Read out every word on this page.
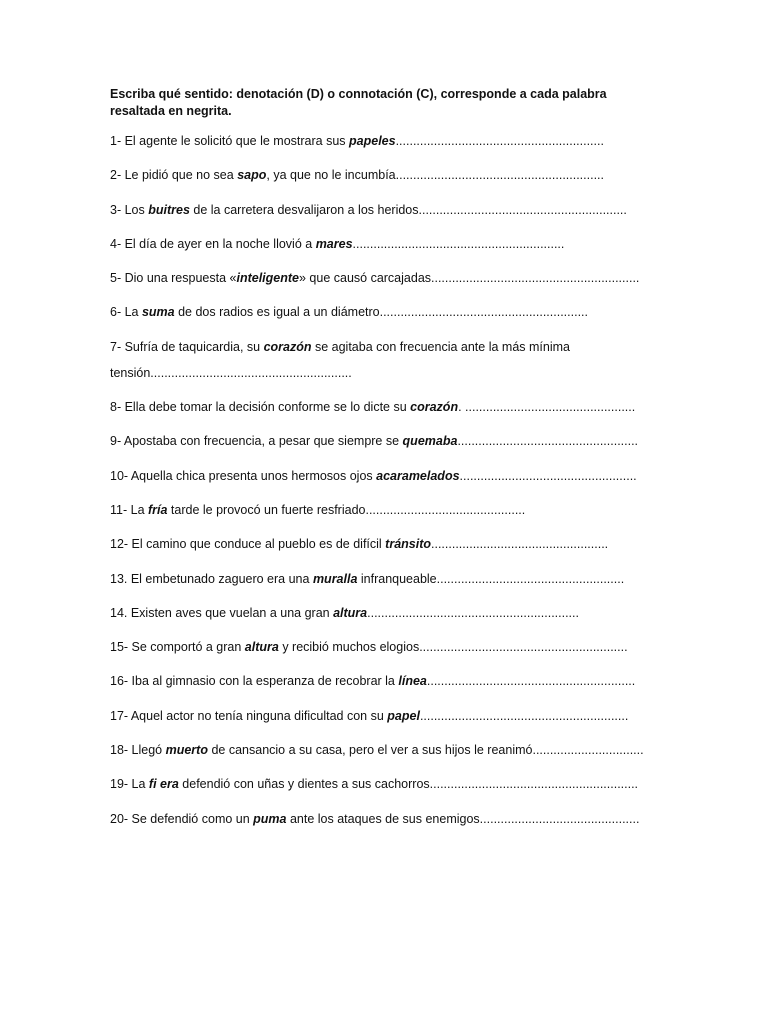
Escriba qué sentido: denotación (D) o connotación (C), corresponde a cada palabra resaltada en negrita.

1- El agente le solicitó que le mostrara sus papeles............................................................
2- Le pidió que no sea sapo, ya que no le incumbía............................................................
3- Los buitres de la carretera desvalijaron a los heridos............................................................
4- El día de ayer en la noche llovió a mares.............................................................
5- Dio una respuesta «inteligente» que causó carcajadas............................................................
6- La suma de dos radios es igual a un diámetro............................................................
7- Sufría de taquicardia, su corazón se agitaba con frecuencia ante la más mínima tensión..........................................................
8- Ella debe tomar la decisión conforme se lo dicte su corazón. .................................................
9- Apostaba con frecuencia, a pesar que siempre se quemaba....................................................
10- Aquella chica presenta unos hermosos ojos acaramelados...................................................
11- La fría tarde le provocó un fuerte resfriado..............................................
12- El camino que conduce al pueblo es de difícil tránsito...................................................
13. El embetunado zaguero era una muralla infranqueable......................................................
14. Existen aves que vuelan a una gran altura.............................................................
15- Se comportó a gran altura y recibió muchos elogios............................................................
16- Iba al gimnasio con la esperanza de recobrar la línea............................................................
17- Aquel actor no tenía ninguna dificultad con su papel............................................................
18- Llegó muerto de cansancio a su casa, pero el ver a sus hijos le reanimó................................
19- La fi era defendió con uñas y dientes a sus cachorros............................................................
20- Se defendió como un puma ante los ataques de sus enemigos..............................................
